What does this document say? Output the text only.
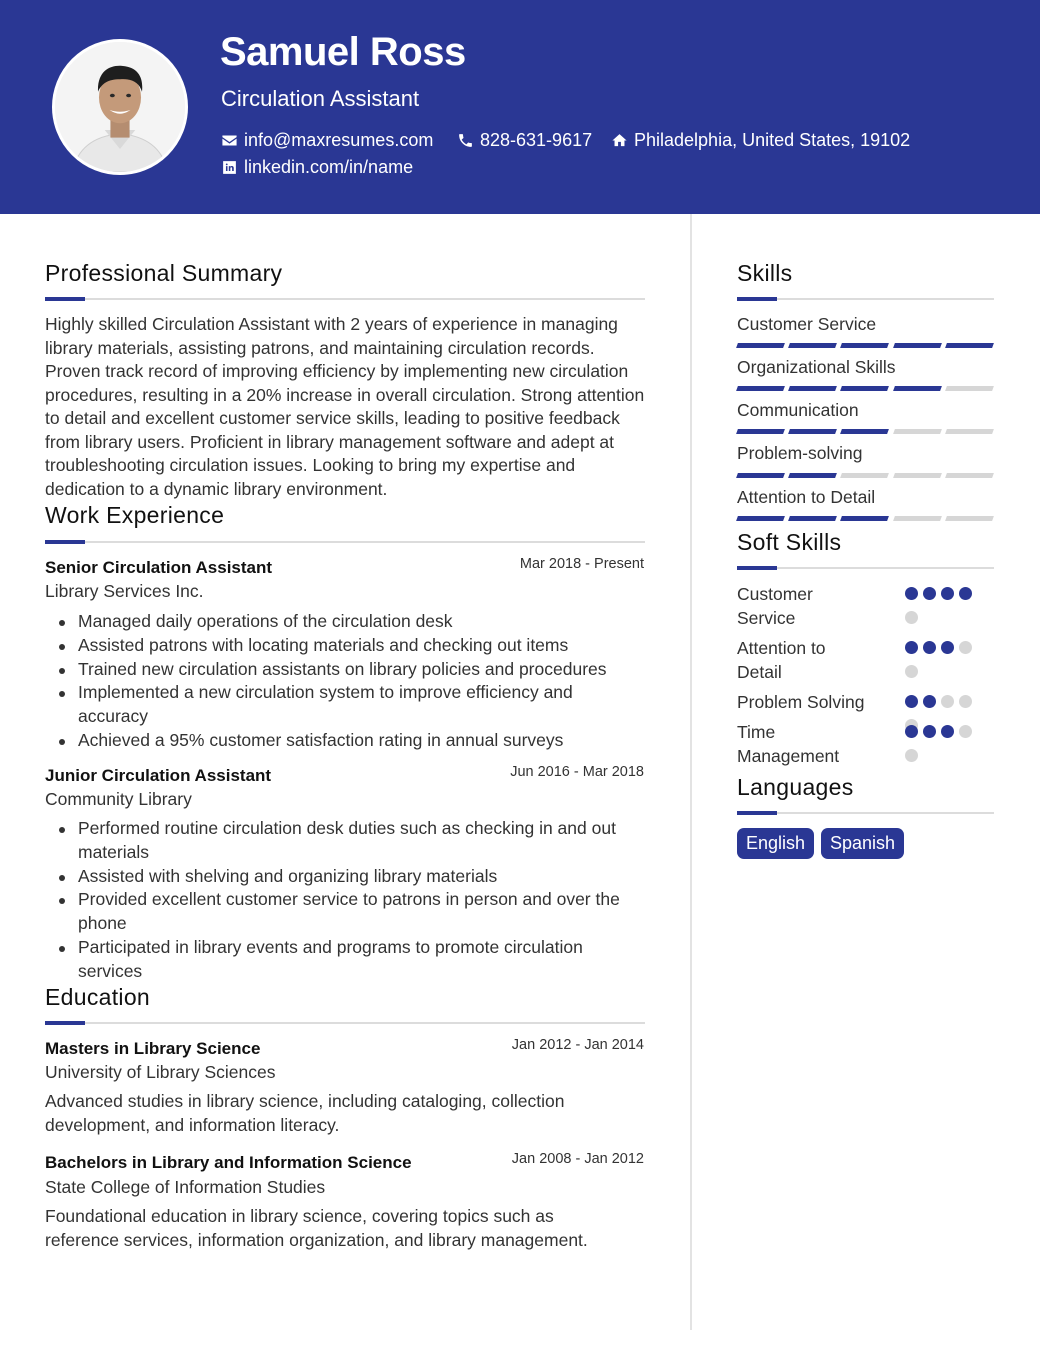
Samuel Ross
Circulation Assistant
info@maxresumes.com	828-631-9617 Philadelphia, United States, 19102
linkedin.com/in/name
Professional Summary
Highly skilled Circulation Assistant with 2 years of experience in managing library materials, assisting patrons, and maintaining circulation records. Proven track record of improving efficiency by implementing new circulation procedures, resulting in a 20% increase in overall circulation. Strong attention to detail and excellent customer service skills, leading to positive feedback from library users. Proficient in library management software and adept at troubleshooting circulation issues. Looking to bring my expertise and dedication to a dynamic library environment.
Work Experience
Senior Circulation Assistant	Mar 2018 - Present
Library Services Inc.
Managed daily operations of the circulation desk
Assisted patrons with locating materials and checking out items
Trained new circulation assistants on library policies and procedures
Implemented a new circulation system to improve efficiency and accuracy
Achieved a 95% customer satisfaction rating in annual surveys
Junior Circulation Assistant	Jun 2016 - Mar 2018
Community Library
Performed routine circulation desk duties such as checking in and out materials
Assisted with shelving and organizing library materials
Provided excellent customer service to patrons in person and over the phone
Participated in library events and programs to promote circulation services
Education
Masters in Library Science	Jan 2012 - Jan 2014
University of Library Sciences
Advanced studies in library science, including cataloging, collection development, and information literacy.
Bachelors in Library and Information Science	Jan 2008 - Jan 2012
State College of Information Studies
Foundational education in library science, covering topics such as reference services, information organization, and library management.
Skills
Customer Service
Organizational Skills
Communication
Problem-solving
Attention to Detail
Soft Skills
Customer Service
Attention to Detail
Problem Solving
Time Management
Languages
English	Spanish
